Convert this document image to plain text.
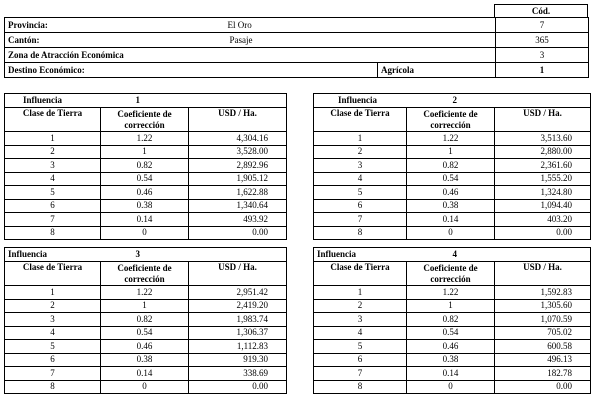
Cód.
Provincia:	El Oro	7
Cantón:	Pasaje	365
Zona de Atracción Económica	3
Destino Económico:	Agrícola	1
Influencia	1	
Clase de Tierra	Coeficiente de corrección	USD / Ha.
1	1.22	4,304.16
2	1	3,528.00
3	0.82	2,892.96
4	0.54	1,905.12
5	0.46	1,622.88
6	0.38	1,340.64
7	0.14	493.92
8	0	0.00
Influencia	2	
Clase de Tierra	Coeficiente de corrección	USD / Ha.
1	1.22	3,513.60
2	1	2,880.00
3	0.82	2,361.60
4	0.54	1,555.20
5	0.46	1,324.80
6	0.38	1,094.40
7	0.14	403.20
8	0	0.00
Influencia	3	
Clase de Tierra	Coeficiente de corrección	USD / Ha.
1	1.22	2,951.42
2	1	2,419.20
3	0.82	1,983.74
4	0.54	1,306.37
5	0.46	1,112.83
6	0.38	919.30
7	0.14	338.69
8	0	0.00
Influencia	4	
Clase de Tierra	Coeficiente de corrección	USD / Ha.
1	1.22	1,592.83
2	1	1,305.60
3	0.82	1,070.59
4	0.54	705.02
5	0.46	600.58
6	0.38	496.13
7	0.14	182.78
8	0	0.00
